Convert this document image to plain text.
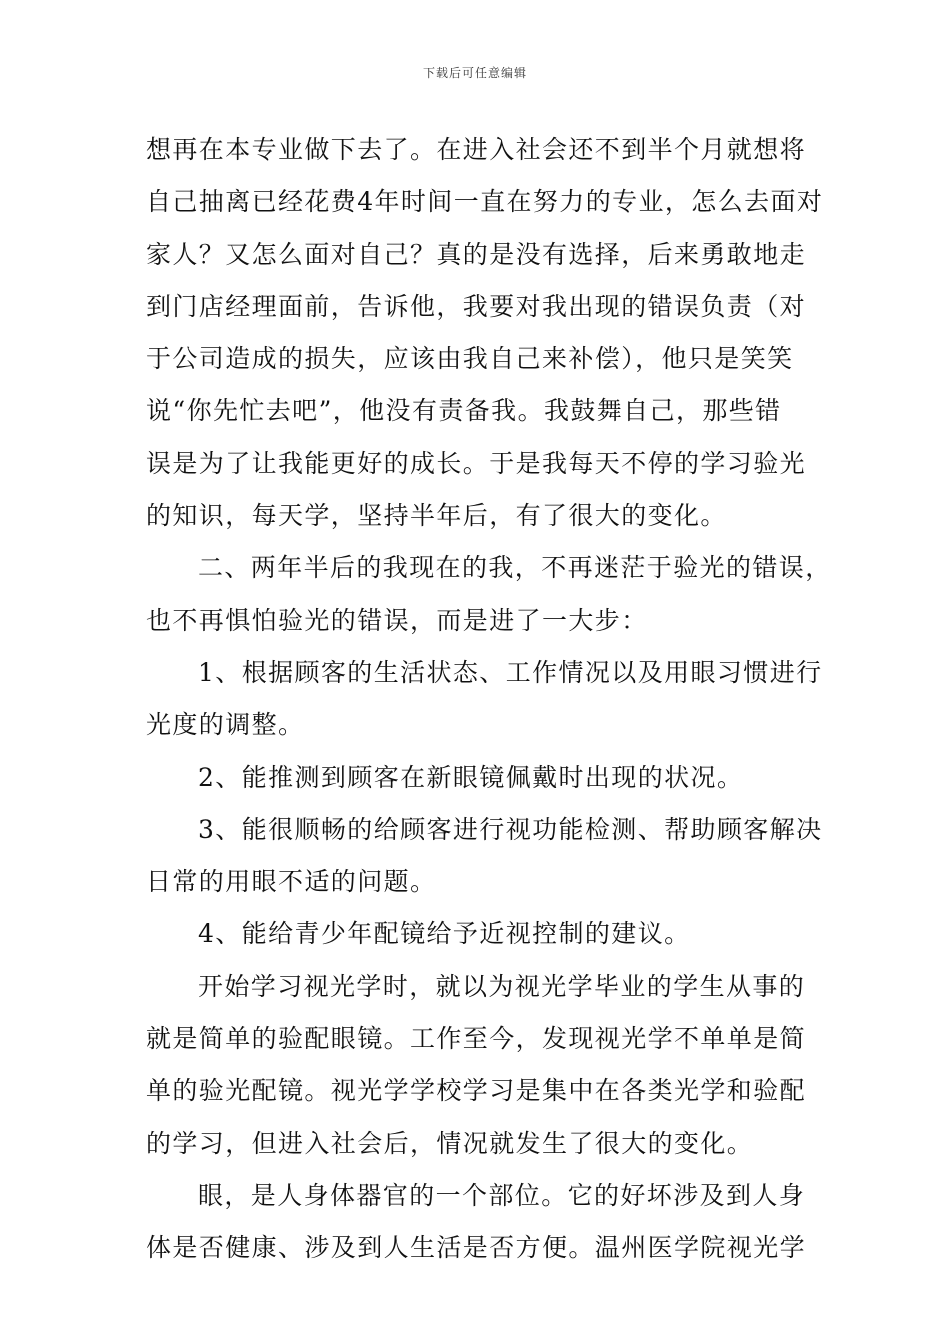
下载后可任意编辑
想再在本专业做下去了。在进入社会还不到半个月就想将
自己抽离已经花费4年时间一直在努力的专业，怎么去面对
家人？又怎么面对自己？真的是没有选择，后来勇敢地走
到门店经理面前，告诉他，我要对我出现的错误负责（对
于公司造成的损失，应该由我自己来补偿），他只是笑笑
说“你先忙去吧”，他没有责备我。我鼓舞自己，那些错
误是为了让我能更好的成长。于是我每天不停的学习验光
的知识，每天学，坚持半年后，有了很大的变化。
二、两年半后的我现在的我，不再迷茫于验光的错误，
也不再惧怕验光的错误，而是进了一大步：
1、根据顾客的生活状态、工作情况以及用眼习惯进行
光度的调整。
2、能推测到顾客在新眼镜佩戴时出现的状况。
3、能很顺畅的给顾客进行视功能检测、帮助顾客解决
日常的用眼不适的问题。
4、能给青少年配镜给予近视控制的建议。
开始学习视光学时，就以为视光学毕业的学生从事的
就是简单的验配眼镜。工作至今，发现视光学不单单是简
单的验光配镜。视光学学校学习是集中在各类光学和验配
的学习，但进入社会后，情况就发生了很大的变化。
眼，是人身体器官的一个部位。它的好坏涉及到人身
体是否健康、涉及到人生活是否方便。温州医学院视光学
